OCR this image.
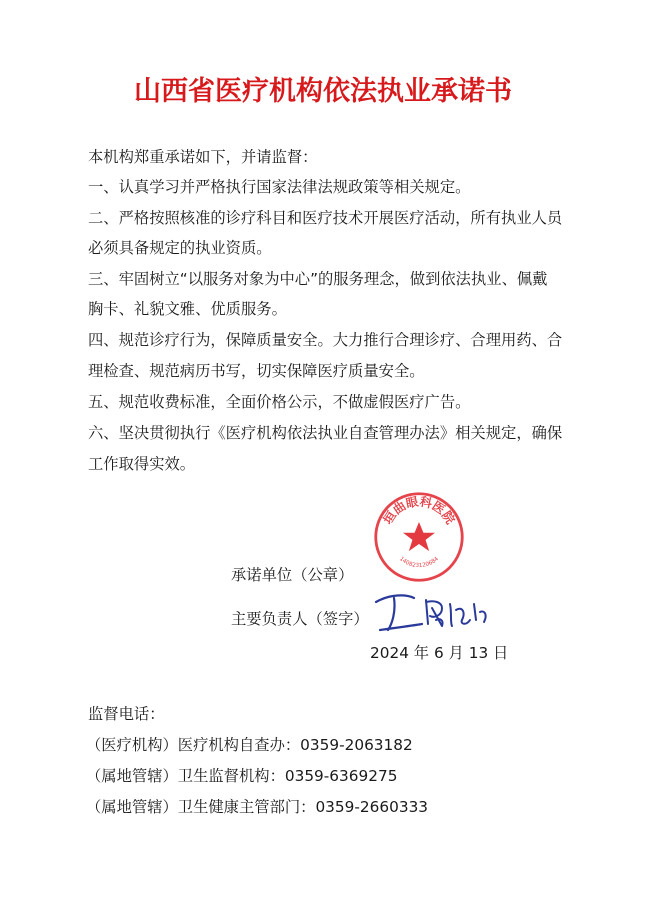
山西省医疗机构依法执业承诺书
本机构郑重承诺如下，并请监督：
一、认真学习并严格执行国家法律法规政策等相关规定。
二、严格按照核准的诊疗科目和医疗技术开展医疗活动，所有执业人员
必须具备规定的执业资质。
三、牢固树立“以服务对象为中心”的服务理念，做到依法执业、佩戴
胸卡、礼貌文雅、优质服务。
四、规范诊疗行为，保障质量安全。大力推行合理诊疗、合理用药、合
理检查、规范病历书写，切实保障医疗质量安全。
五、规范收费标准，全面价格公示，不做虚假医疗广告。
六、坚决贯彻执行《医疗机构依法执业自查管理办法》相关规定，确保
工作取得实效。
垣曲眼科医院
140823120684
承诺单位（公章）
主要负责人（签字）
2024 年 6 月 13 日
监督电话：
（医疗机构）医疗机构自查办：0359-2063182
（属地管辖）卫生监督机构：0359-6369275
（属地管辖）卫生健康主管部门：0359-2660333
